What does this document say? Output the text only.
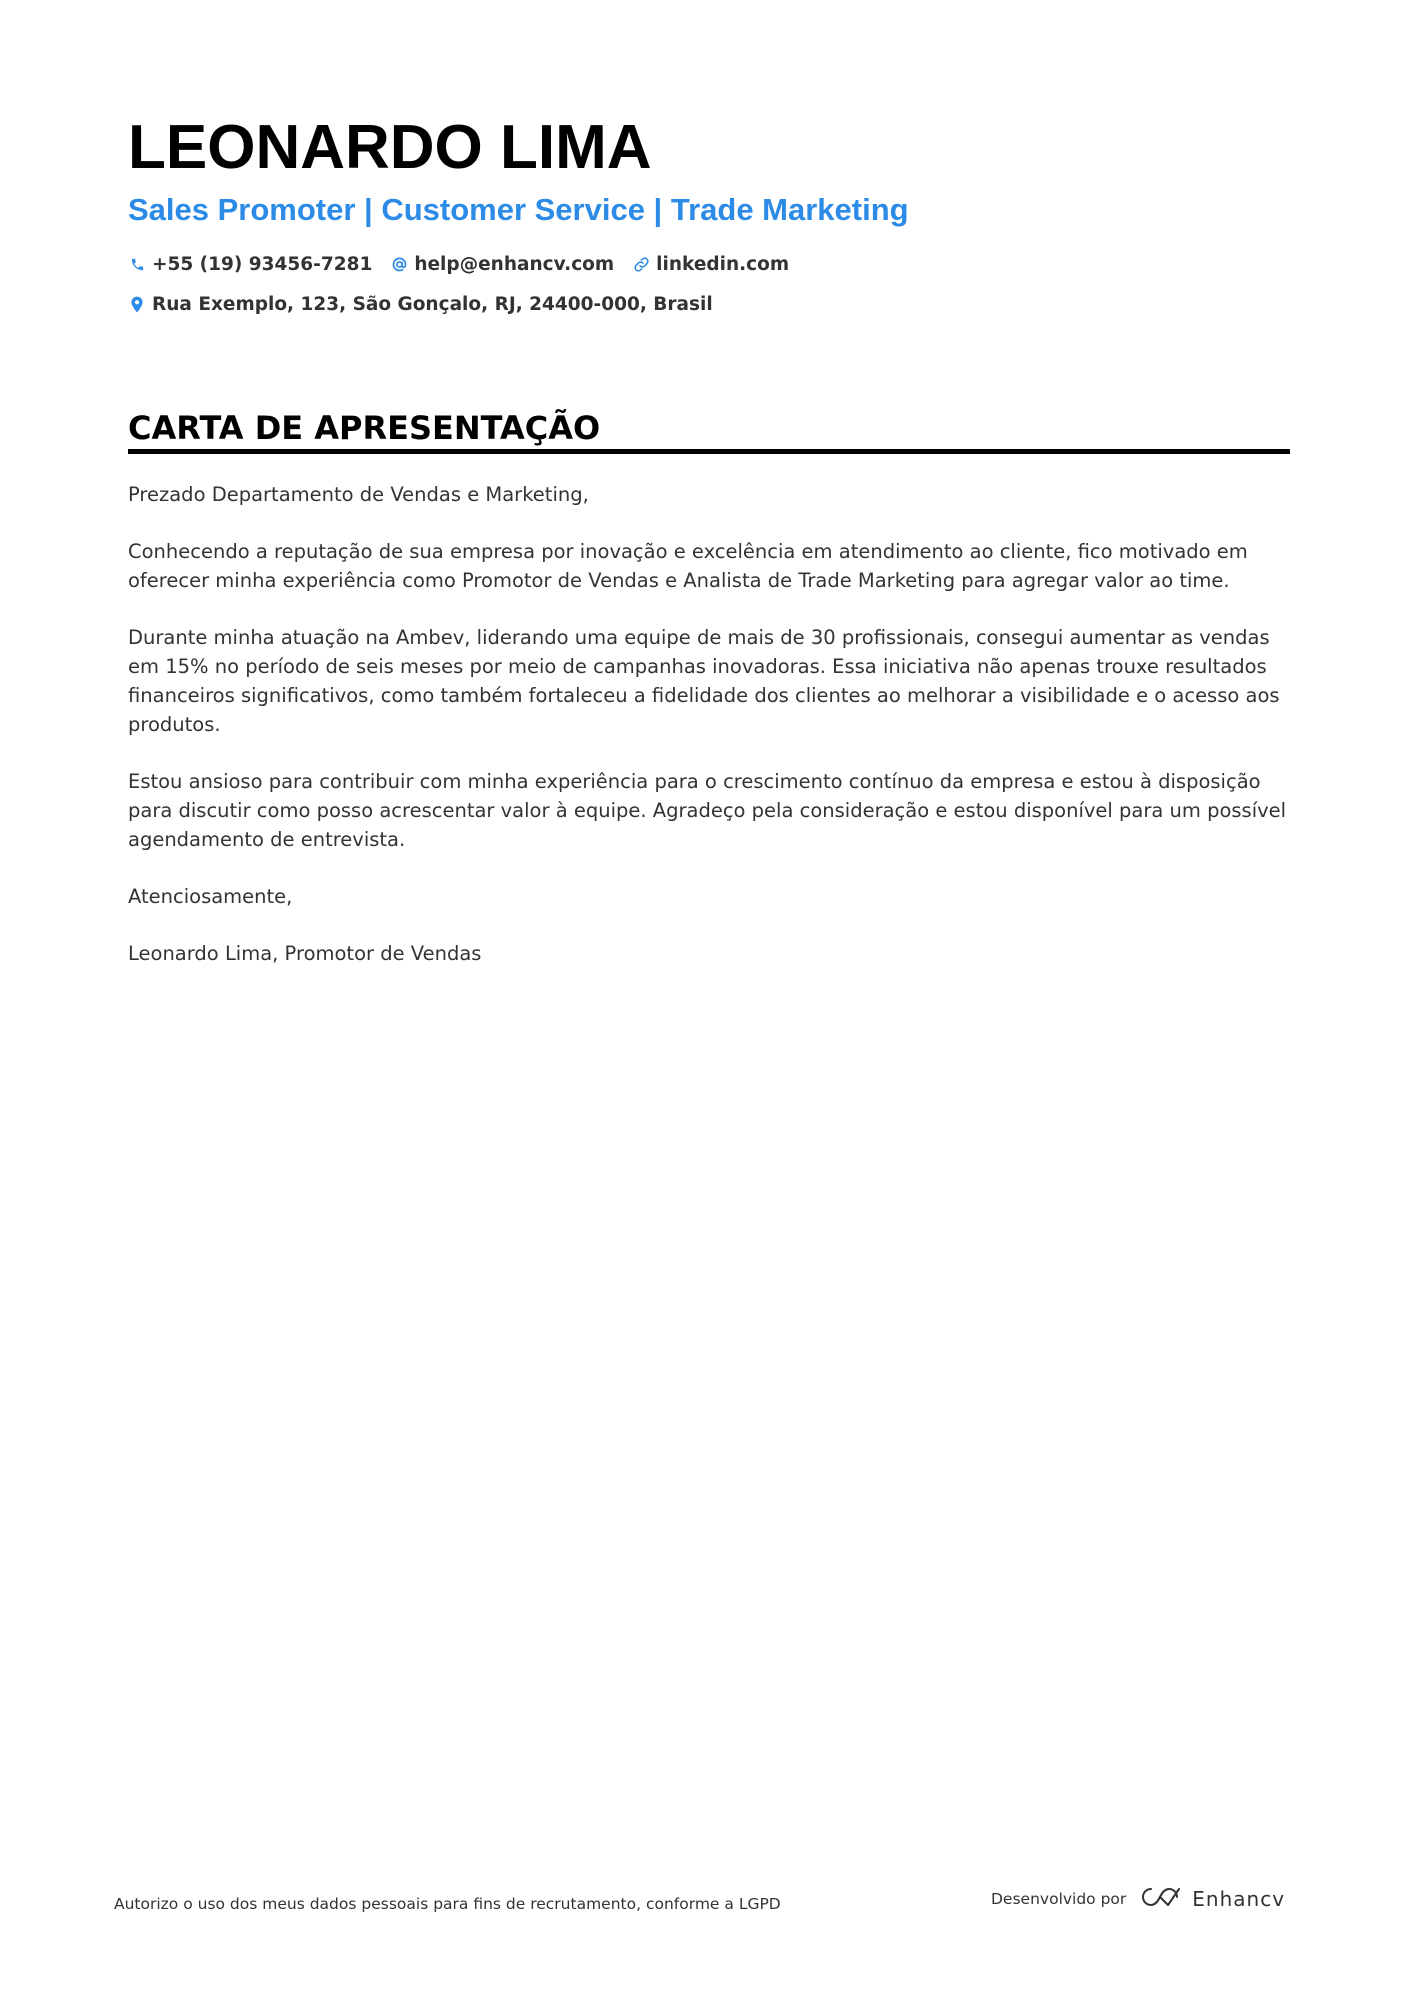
LEONARDO LIMA
Sales Promoter | Customer Service | Trade Marketing
+55 (19) 93456-7281 help@enhancv.com linkedin.com
Rua Exemplo, 123, São Gonçalo, RJ, 24400-000, Brasil
CARTA DE APRESENTAÇÃO

Prezado Departamento de Vendas e Marketing,

Conhecendo a reputação de sua empresa por inovação e excelência em atendimento ao cliente, fico motivado em oferecer minha experiência como Promotor de Vendas e Analista de Trade Marketing para agregar valor ao time.

Durante minha atuação na Ambev, liderando uma equipe de mais de 30 profissionais, consegui aumentar as vendas em 15% no período de seis meses por meio de campanhas inovadoras. Essa iniciativa não apenas trouxe resultados financeiros significativos, como também fortaleceu a fidelidade dos clientes ao melhorar a visibilidade e o acesso aos produtos.

Estou ansioso para contribuir com minha experiência para o crescimento contínuo da empresa e estou à disposição para discutir como posso acrescentar valor à equipe. Agradeço pela consideração e estou disponível para um possível agendamento de entrevista.

Atenciosamente,

Leonardo Lima, Promotor de Vendas

Autorizo o uso dos meus dados pessoais para fins de recrutamento, conforme a LGPD	Desenvolvido por	Enhancv
